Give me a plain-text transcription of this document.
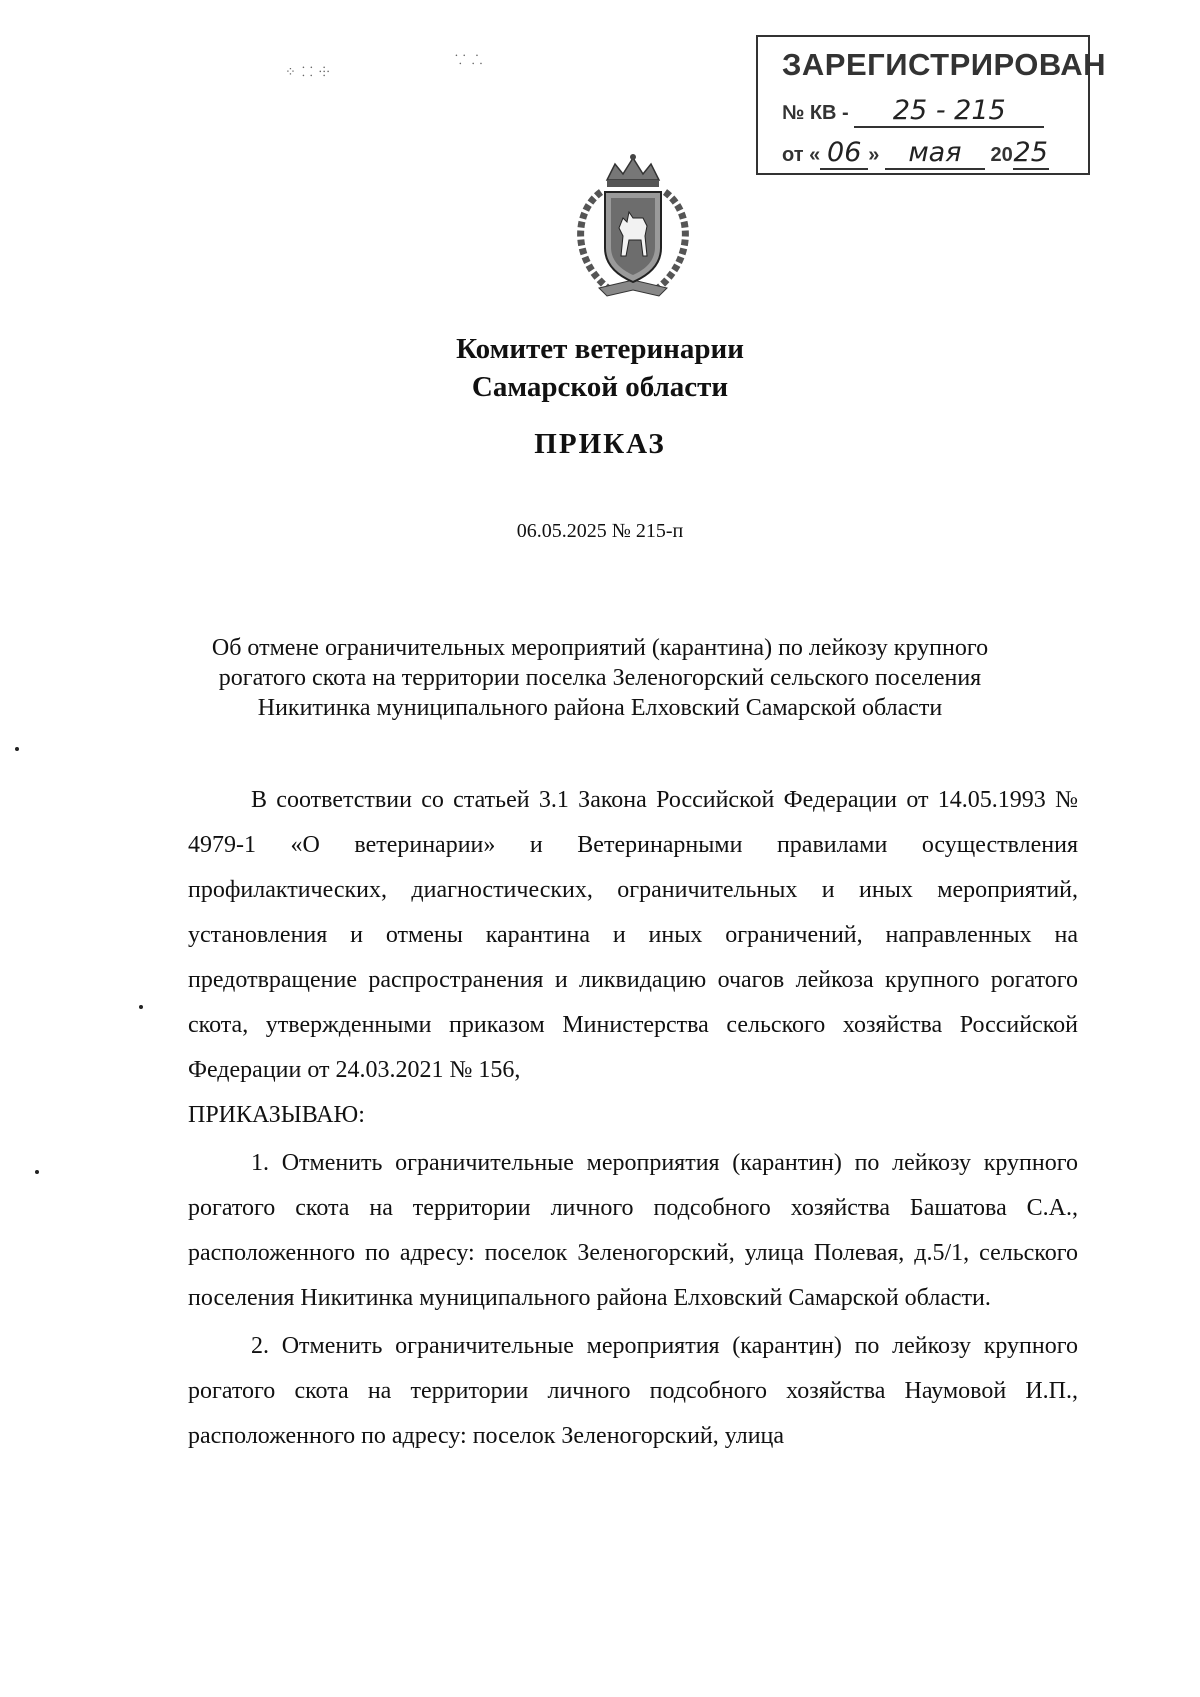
⁘ ⸬ ⸭
⸪ ⸫	ЗАРЕГИСТРИРОВАН
№ КВ - 25 - 215
от « 06 » мая 2025
Комитет ветеринарии
Самарской области
ПРИКАЗ
06.05.2025 № 215-п
Об отмене ограничительных мероприятий (карантина) по лейкозу крупного
рогатого скота на территории поселка Зеленогорский сельского поселения
Никитинка муниципального района Елховский Самарской области

В соответствии со статьей 3.1 Закона Российской Федерации от 14.05.1993 № 4979-1 «О ветеринарии» и Ветеринарными правилами осуществления профилактических, диагностических, ограничительных и иных мероприятий, установления и отмены карантина и иных ограничений, направленных на предотвращение распространения и ликвидацию очагов лейкоза крупного рогатого скота, утвержденными приказом Министерства сельского хозяйства Российской Федерации от 24.03.2021 № 156,

ПРИКАЗЫВАЮ:

1. Отменить ограничительные мероприятия (карантин) по лейкозу крупного рогатого скота на территории личного подсобного хозяйства Башатова С.А., расположенного по адресу: поселок Зеленогорский, улица Полевая, д.5/1, сельского поселения Никитинка муниципального района Елховский Самарской области.

2. Отменить ограничительные мероприятия (карантин) по лейкозу крупного рогатого скота на территории личного подсобного хозяйства Наумовой И.П., расположенного по адресу: поселок Зеленогорский, улица
